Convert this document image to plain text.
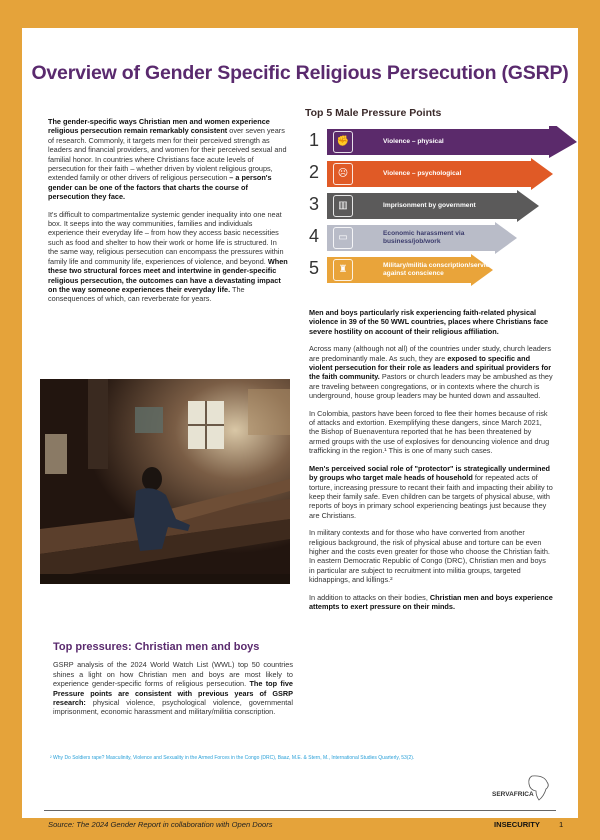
Overview of Gender Specific Religious Persecution (GSRP)

The gender-specific ways Christian men and women experience religious persecution remain remarkably consistent over seven years of research. Commonly, it targets men for their perceived strength as leaders and financial providers, and women for their perceived sexual and familial honor. In countries where Christians face acute levels of persecution for their faith – whether driven by violent religious groups, extended family or other drivers of religious persecution – a person's gender can be one of the factors that charts the course of persecution they face.

It's difficult to compartmentalize systemic gender inequality into one neat box. It seeps into the way communities, families and individuals experience their everyday life – from how they access basic necessities such as food and shelter to how their work or home life is structured. In the same way, religious persecution can encompass the pressures within family life and community life, experiences of violence, and beyond. When these two structural forces meet and intertwine in gender-specific religious persecution, the outcomes can have a devastating impact on the way someone experiences their everyday life. The consequences of which, can reverberate for years.

Top 5 Male Pressure Points
1	✊	Violence – physical
2	☹	Violence – psychological
3	▥	Imprisonment by government
4	▭	Economic harassment via business/job/work
5	♜	Military/militia conscription/service against conscience
Top pressures: Christian men and boys

GSRP analysis of the 2024 World Watch List (WWL) top 50 countries shines a light on how Christian men and boys are most likely to experience gender-specific forms of religious persecution. The top five Pressure points are consistent with previous years of GSRP research: physical violence, psychological violence, governmental imprisonment, economic harassment and military/militia conscription.

Men and boys particularly risk experiencing faith-related physical violence in 39 of the 50 WWL countries, places where Christians face severe hostility on account of their religious affiliation.

Across many (although not all) of the countries under study, church leaders are predominantly male. As such, they are exposed to specific and violent persecution for their role as leaders and spiritual providers for the faith community. Pastors or church leaders may be ambushed as they are traveling between congregations, or in contexts where the church is underground, house group leaders may be hunted down and assaulted.

In Colombia, pastors have been forced to flee their homes because of risk of attacks and extortion. Exemplifying these dangers, since March 2021, the Bishop of Buenaventura reported that he has been threatened by armed groups with the use of explosives for denouncing violence and drug trafficking in the region.¹ This is one of many such cases.

Men's perceived social role of "protector" is strategically undermined by groups who target male heads of household for repeated acts of torture, increasing pressure to recant their faith and impacting their ability to keep their family safe. Even children can be targets of physical abuse, with reports of boys in primary school experiencing beatings just because they are Christians.

In military contexts and for those who have converted from another religious background, the risk of physical abuse and torture can be even higher and the costs even greater for those who choose the Christian faith. In eastern Democratic Republic of Congo (DRC), Christian men and boys in particular are subject to recruitment into militia groups, targeted kidnappings, and killings.²

In addition to attacks on their bodies, Christian men and boys experience attempts to exert pressure on their minds.

² Why Do Soldiers rape? Masculinity, Violence and Sexuality in the Armed Forces in the Congo (DRC), Baaz, M.E. & Stern, M., International Studies Quarterly, 53(2).
SERVAFRICA
Source: The 2024 Gender Report in collaboration with Open Doors	INSECURITY	1
